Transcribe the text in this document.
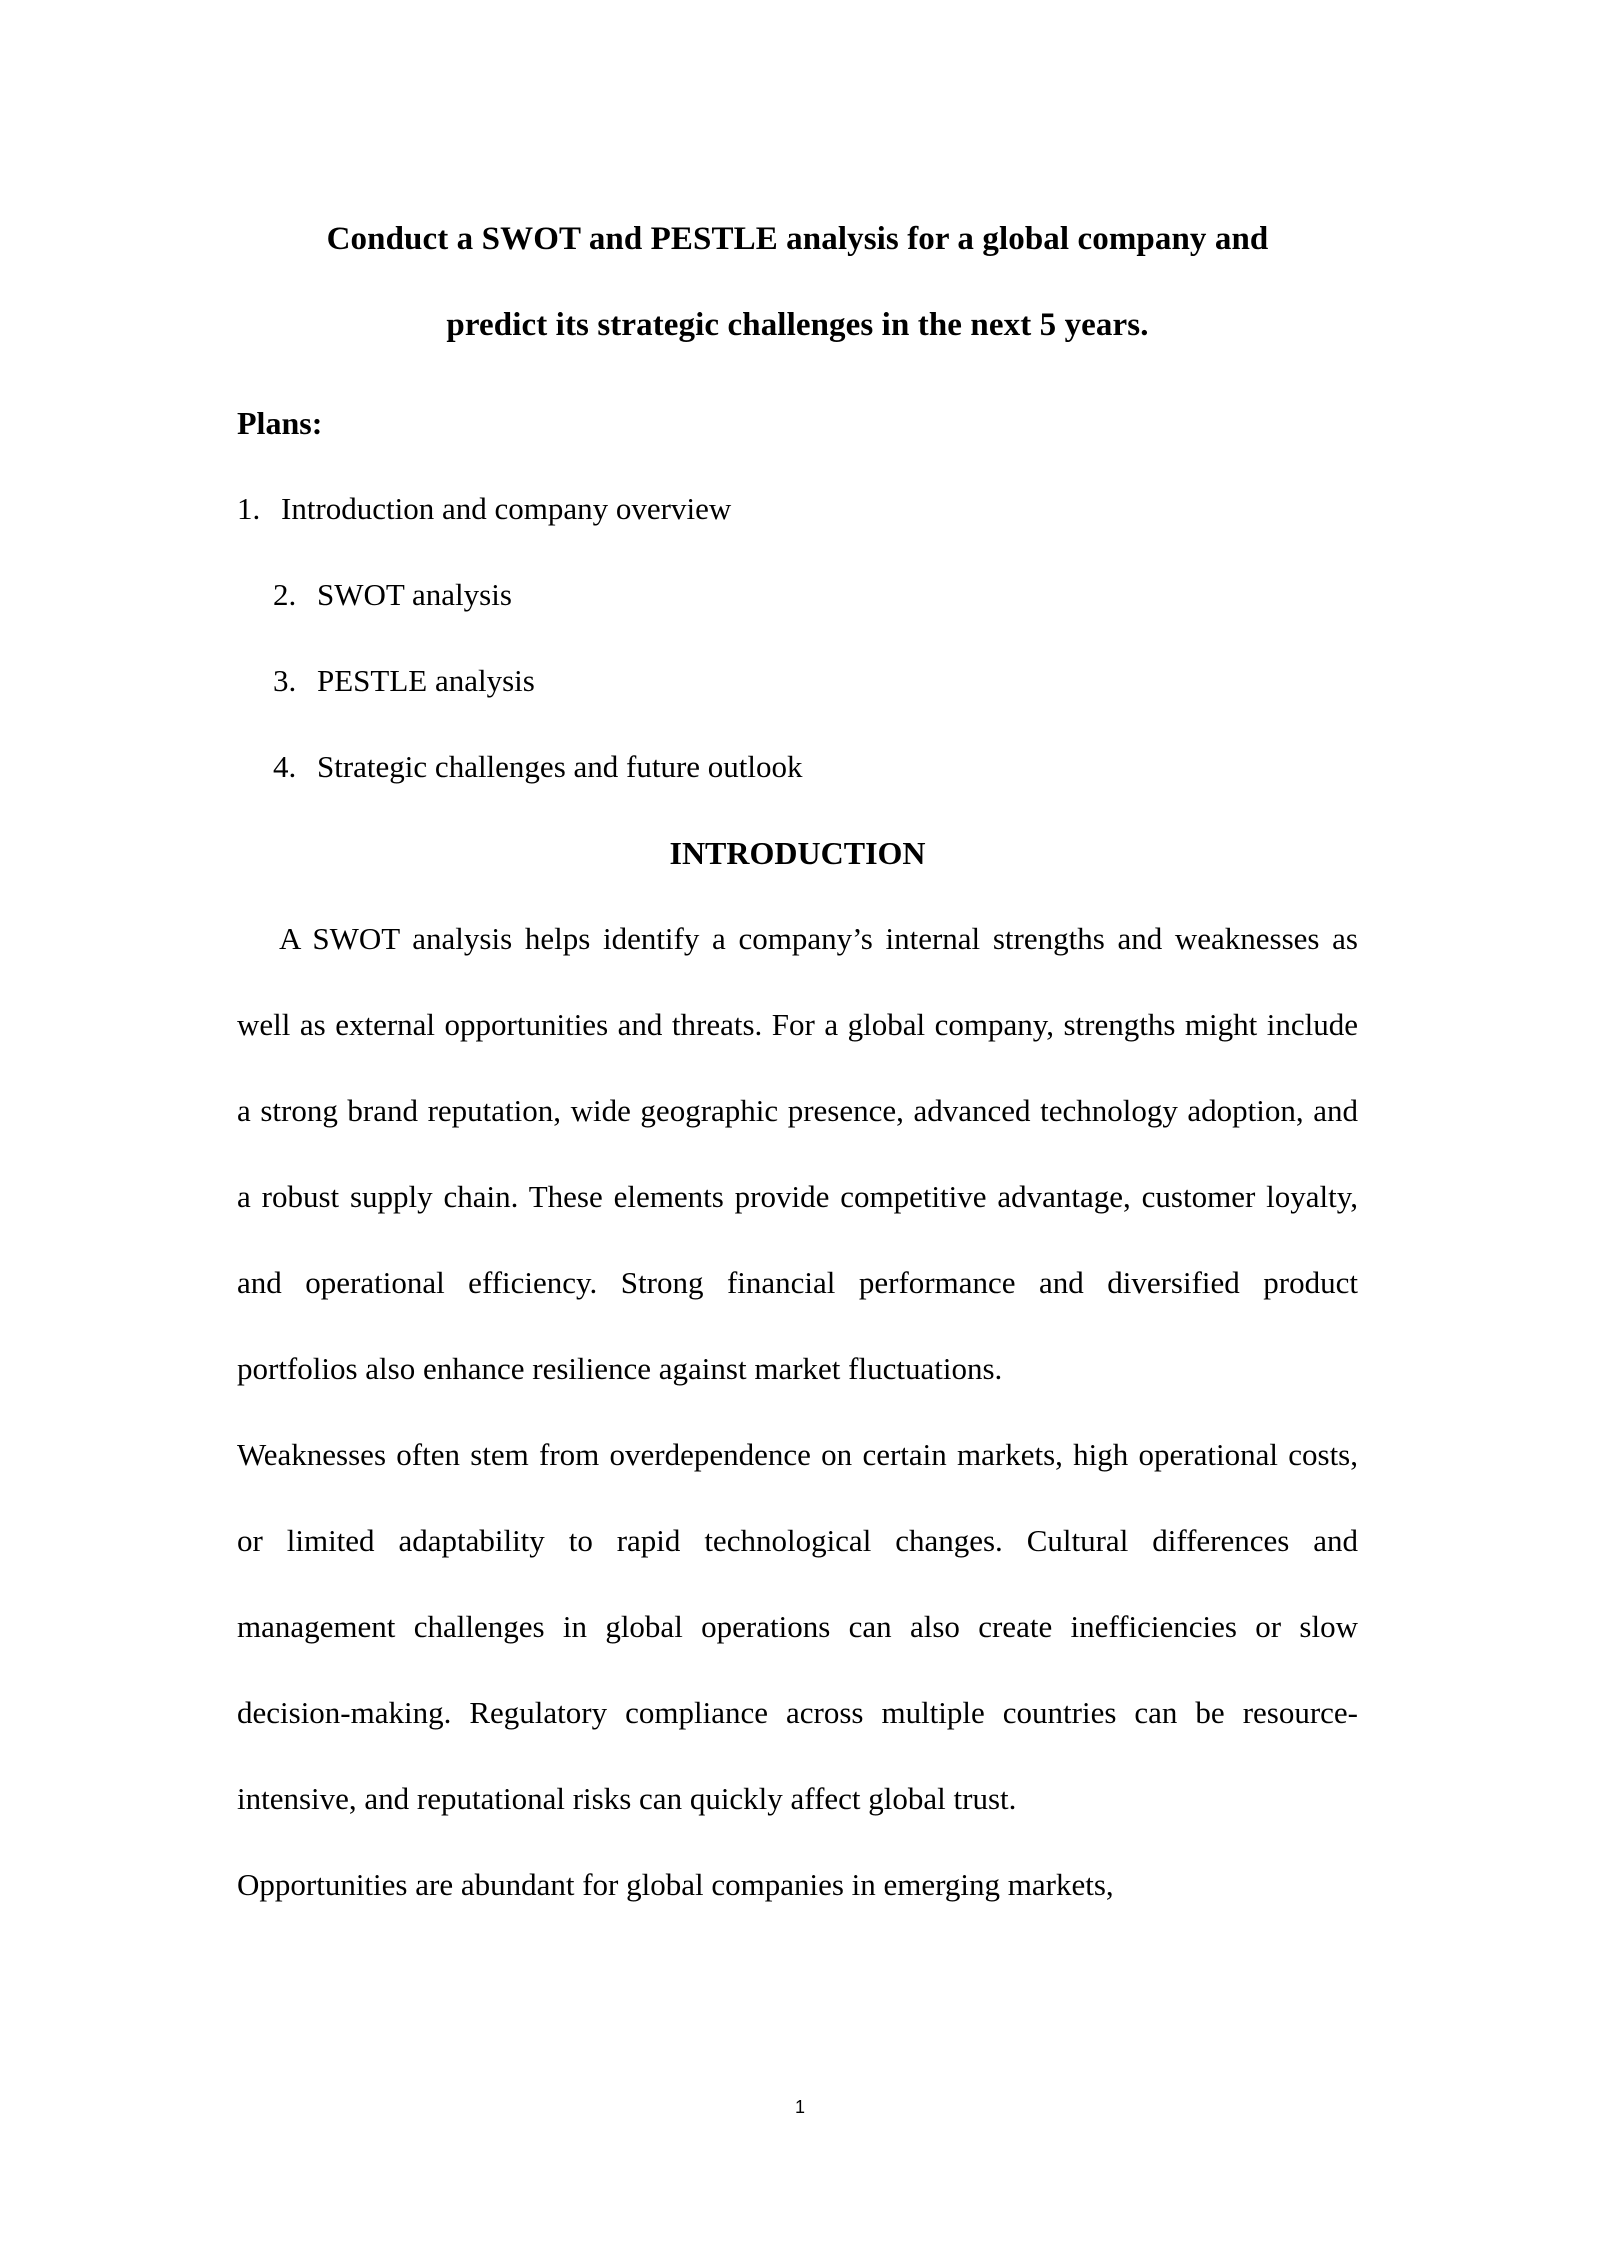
Conduct a SWOT and PESTLE analysis for a global company and
predict its strategic challenges in the next 5 years.
Plans:
1. Introduction and company overview
2. SWOT analysis
3. PESTLE analysis
4. Strategic challenges and future outlook
INTRODUCTION

A SWOT analysis helps identify a company’s internal strengths and weaknesses as well as external opportunities and threats. For a global company, strengths might include a strong brand reputation, wide geographic presence, advanced technology adoption, and a robust supply chain. These elements provide competitive advantage, customer loyalty, and operational efficiency. Strong financial performance and diversified product portfolios also enhance resilience against market fluctuations.

Weaknesses often stem from overdependence on certain markets, high operational costs, or limited adaptability to rapid technological changes. Cultural differences and management challenges in global operations can also create inefficiencies or slow decision-making. Regulatory compliance across multiple countries can be resource-intensive, and reputational risks can quickly affect global trust.

Opportunities are abundant for global companies in emerging markets,

1
